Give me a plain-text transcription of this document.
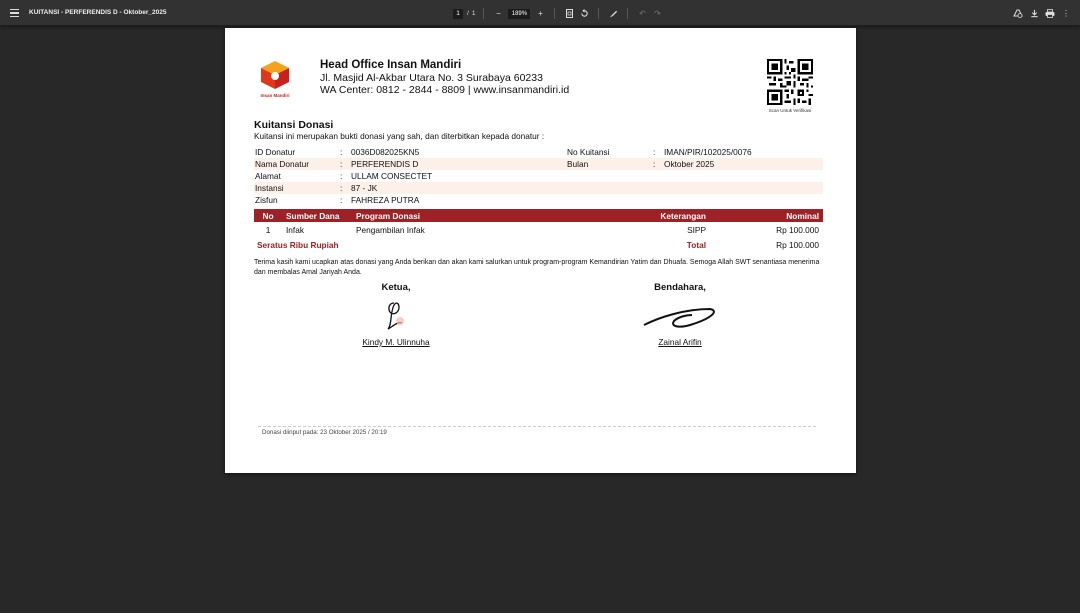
KUITANSI - PERFERENDIS D - Oktober_2025	1	/ 1	−	189%	+	↶	↷	⋮
Insan Mandiri
Head Office Insan Mandiri
Jl. Masjid Al-Akbar Utara No. 3 Surabaya 60233
WA Center: 0812 - 2844 - 8809 | www.insanmandiri.id
Scan Untuk Verifikasi
Kuitansi Donasi
Kuitansi ini merupakan bukti donasi yang sah, dan diterbitkan kepada donatur :
ID Donatur	:	0036D082025KN5	No Kuitansi	:	IMAN/PIR/102025/0076
Nama Donatur	:	PERFERENDIS D	Bulan	:	Oktober 2025
Alamat	:	ULLAM CONSECTET
Instansi	:	87 - JK
Zisfun	:	FAHREZA PUTRA
No	Sumber Dana	Program Donasi	Keterangan	Nominal
1	Infak	Pengambilan Infak	SIPP	Rp 100.000
Seratus Ribu Rupiah	Total	Rp 100.000
Terima kasih kami ucapkan atas donasi yang Anda berikan dan akan kami salurkan untuk program-program Kemandirian Yatim dan Dhuafa. Semoga Allah SWT senantiasa menerima dan membalas Amal Jariyah Anda.
Ketua,
Kindy M. Ulinnuha
Bendahara,
Zainal Arifin
Donasi diinput pada: 23 Oktober 2025 / 20:19
